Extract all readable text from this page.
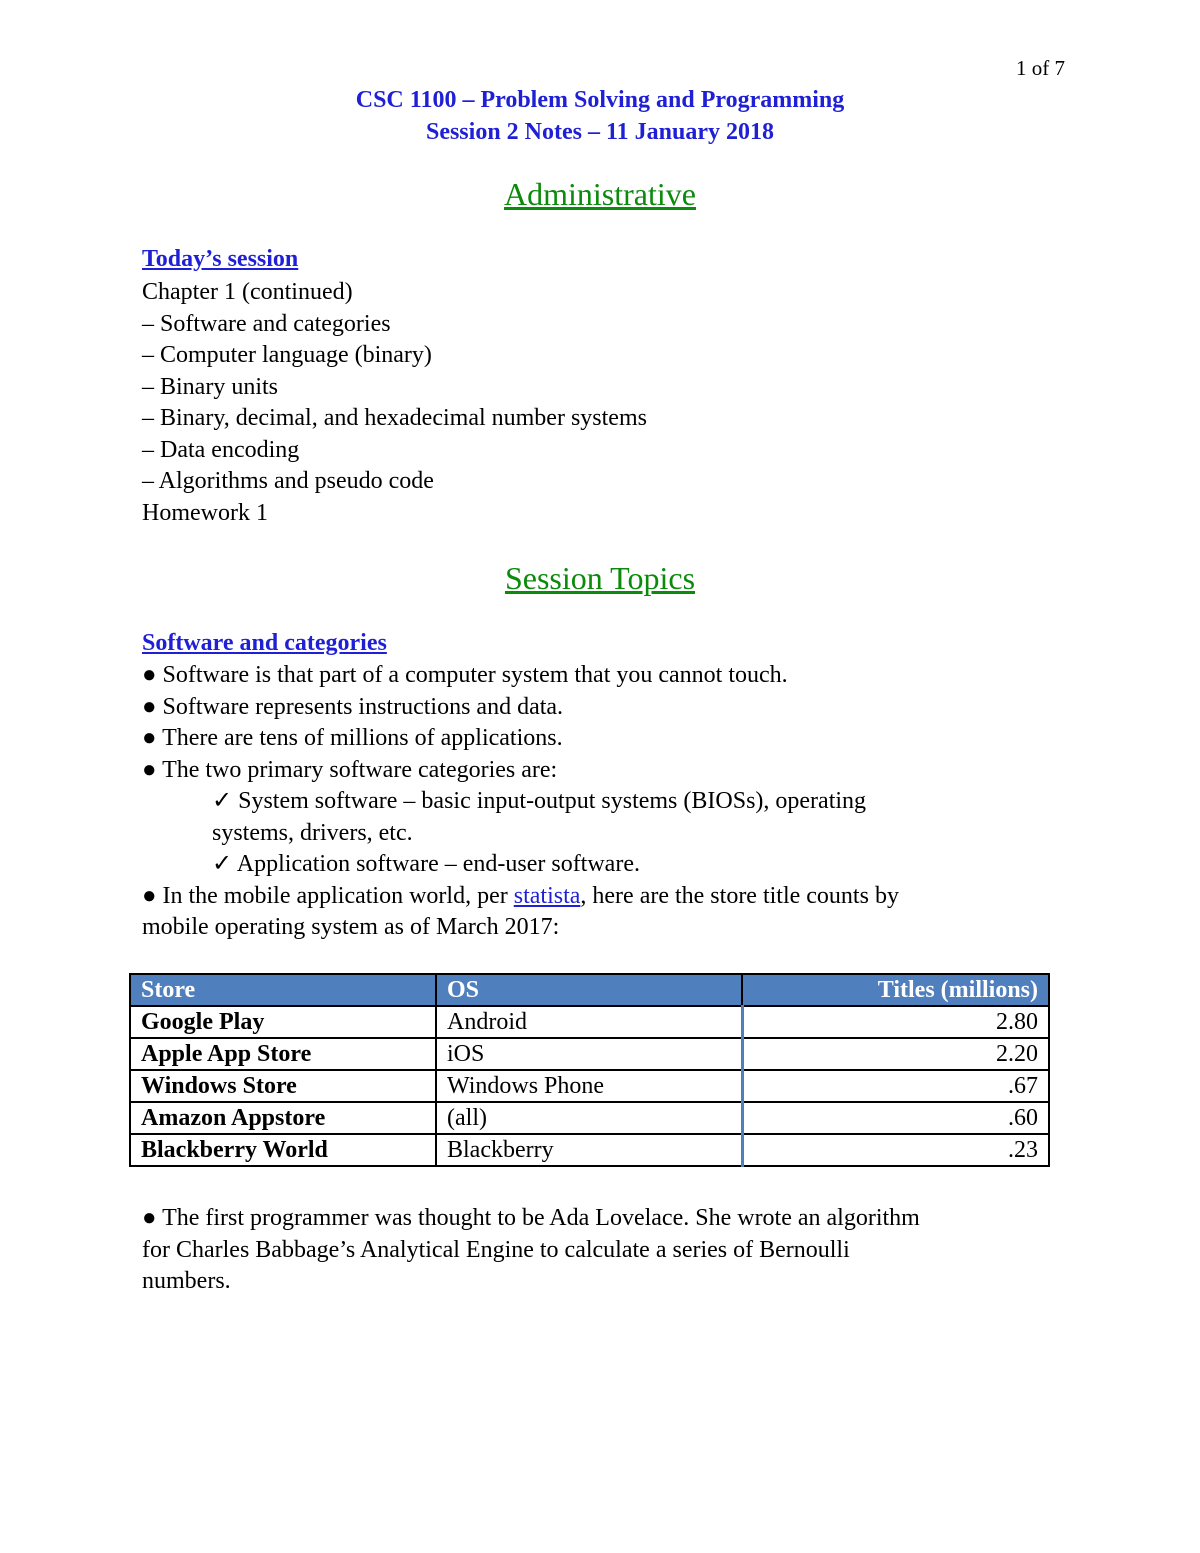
1 of 7
CSC 1100 – Problem Solving and Programming
Session 2 Notes – 11 January 2018
Administrative
Today’s session
Chapter 1 (continued)
– Software and categories
– Computer language (binary)
– Binary units
– Binary, decimal, and hexadecimal number systems
– Data encoding
– Algorithms and pseudo code
Homework 1
Session Topics
Software and categories
● Software is that part of a computer system that you cannot touch.
● Software represents instructions and data.
● There are tens of millions of applications.
● The two primary software categories are:
✓ System software – basic input-output systems (BIOSs), operating
systems, drivers, etc.
✓ Application software – end-user software.
● In the mobile application world, per statista, here are the store title counts by
mobile operating system as of March 2017:
Store	OS	Titles (millions)
Google Play	Android	2.80
Apple App Store	iOS	2.20
Windows Store	Windows Phone	.67
Amazon Appstore	(all)	.60
Blackberry World	Blackberry	.23
● The first programmer was thought to be Ada Lovelace. She wrote an algorithm
for Charles Babbage’s Analytical Engine to calculate a series of Bernoulli
numbers.
